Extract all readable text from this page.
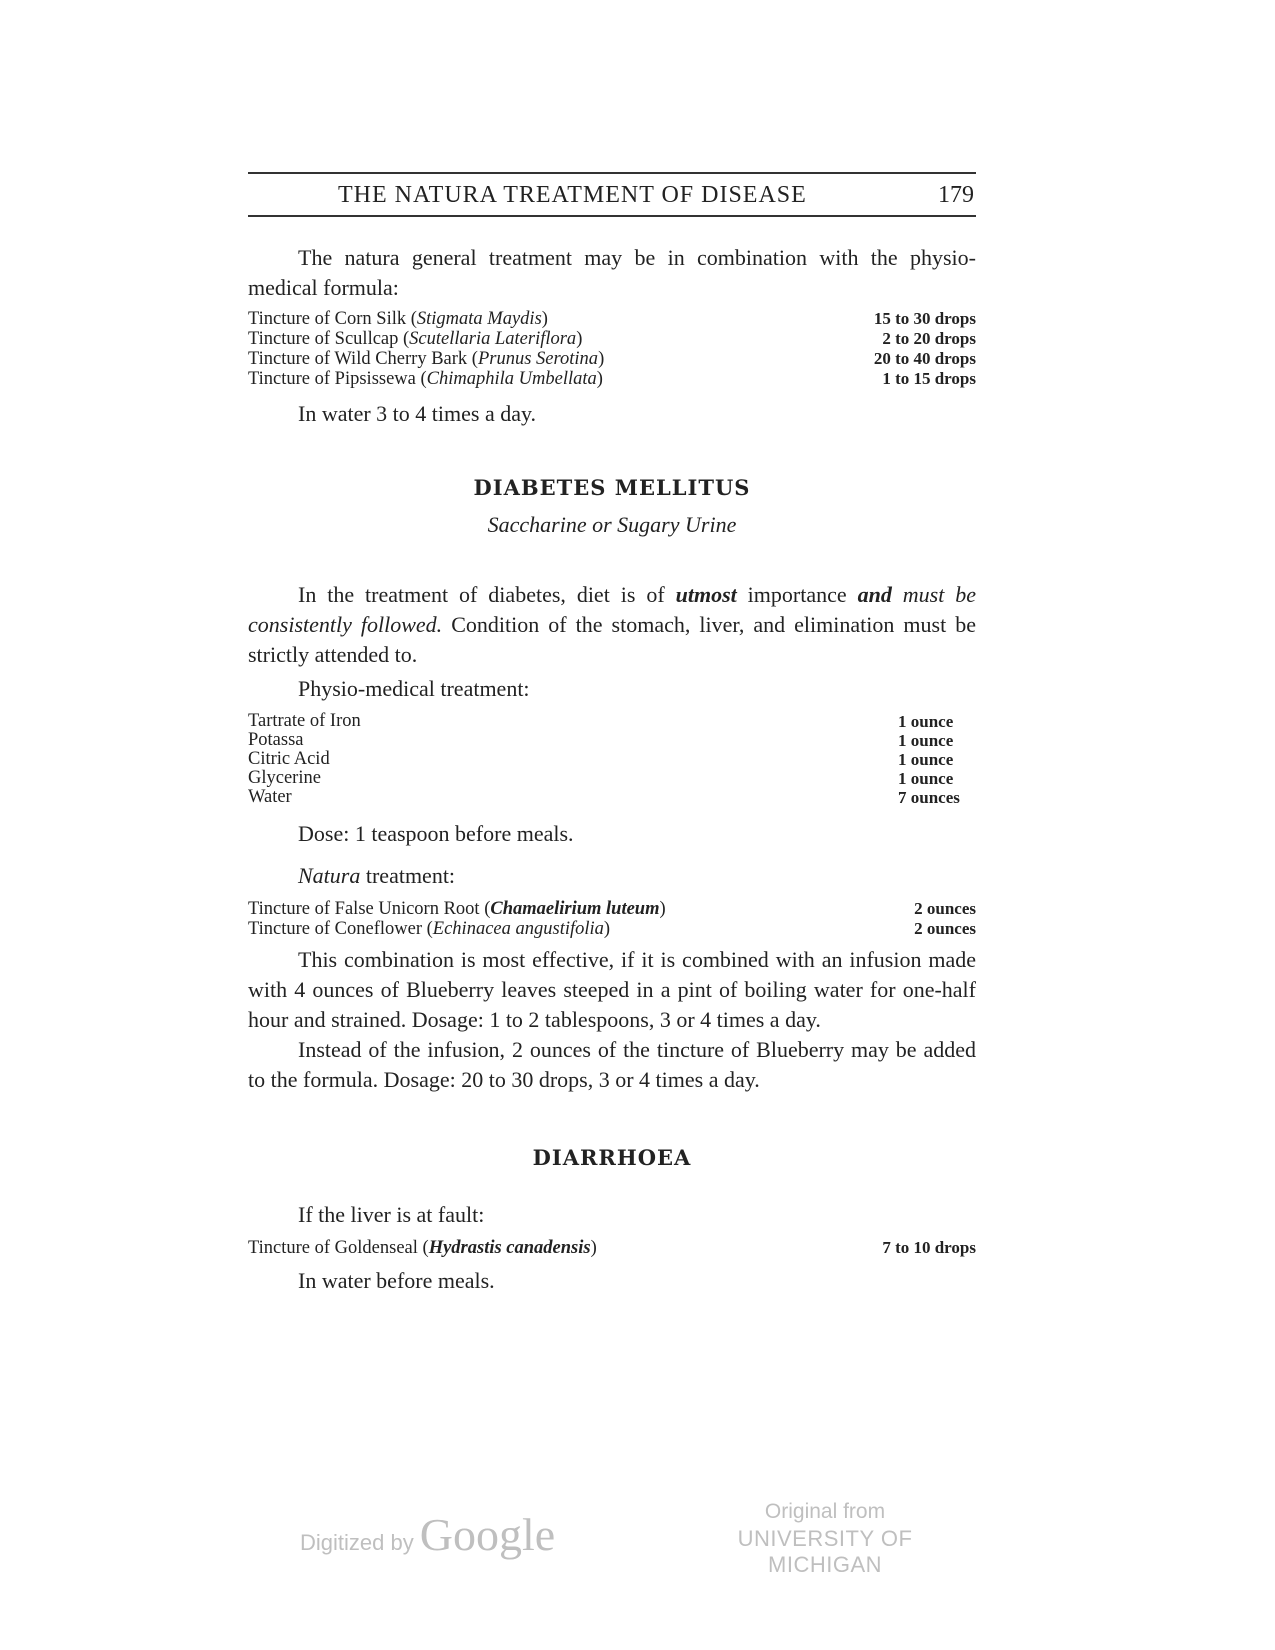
THE NATURA TREATMENT OF DISEASE	179

The natura general treatment may be in combination with the physio-medical formula:

Tincture of Corn Silk (Stigmata Maydis)	15 to 30 drops
Tincture of Scullcap (Scutellaria Lateriflora)	2 to 20 drops
Tincture of Wild Cherry Bark (Prunus Serotina)	20 to 40 drops
Tincture of Pipsissewa (Chimaphila Umbellata)	1 to 15 drops

In water 3 to 4 times a day.

DIABETES MELLITUS

Saccharine or Sugary Urine

In the treatment of diabetes, diet is of utmost importance and must be consistently followed. Condition of the stomach, liver, and elimination must be strictly attended to.

Physio-medical treatment:

Tartrate of Iron	1 ounce
Potassa	1 ounce
Citric Acid	1 ounce
Glycerine	1 ounce
Water	7 ounces

Dose: 1 teaspoon before meals.

Natura treatment:

Tincture of False Unicorn Root (Chamaelirium luteum)	2 ounces
Tincture of Coneflower (Echinacea angustifolia)	2 ounces

This combination is most effective, if it is combined with an infusion made with 4 ounces of Blueberry leaves steeped in a pint of boiling water for one-half hour and strained. Dosage: 1 to 2 tablespoons, 3 or 4 times a day.

Instead of the infusion, 2 ounces of the tincture of Blueberry may be added to the formula. Dosage: 20 to 30 drops, 3 or 4 times a day.

DIARRHOEA

If the liver is at fault:

Tincture of Goldenseal (Hydrastis canadensis)	7 to 10 drops

In water before meals.

Digitized by Google	Original from
UNIVERSITY OF MICHIGAN
